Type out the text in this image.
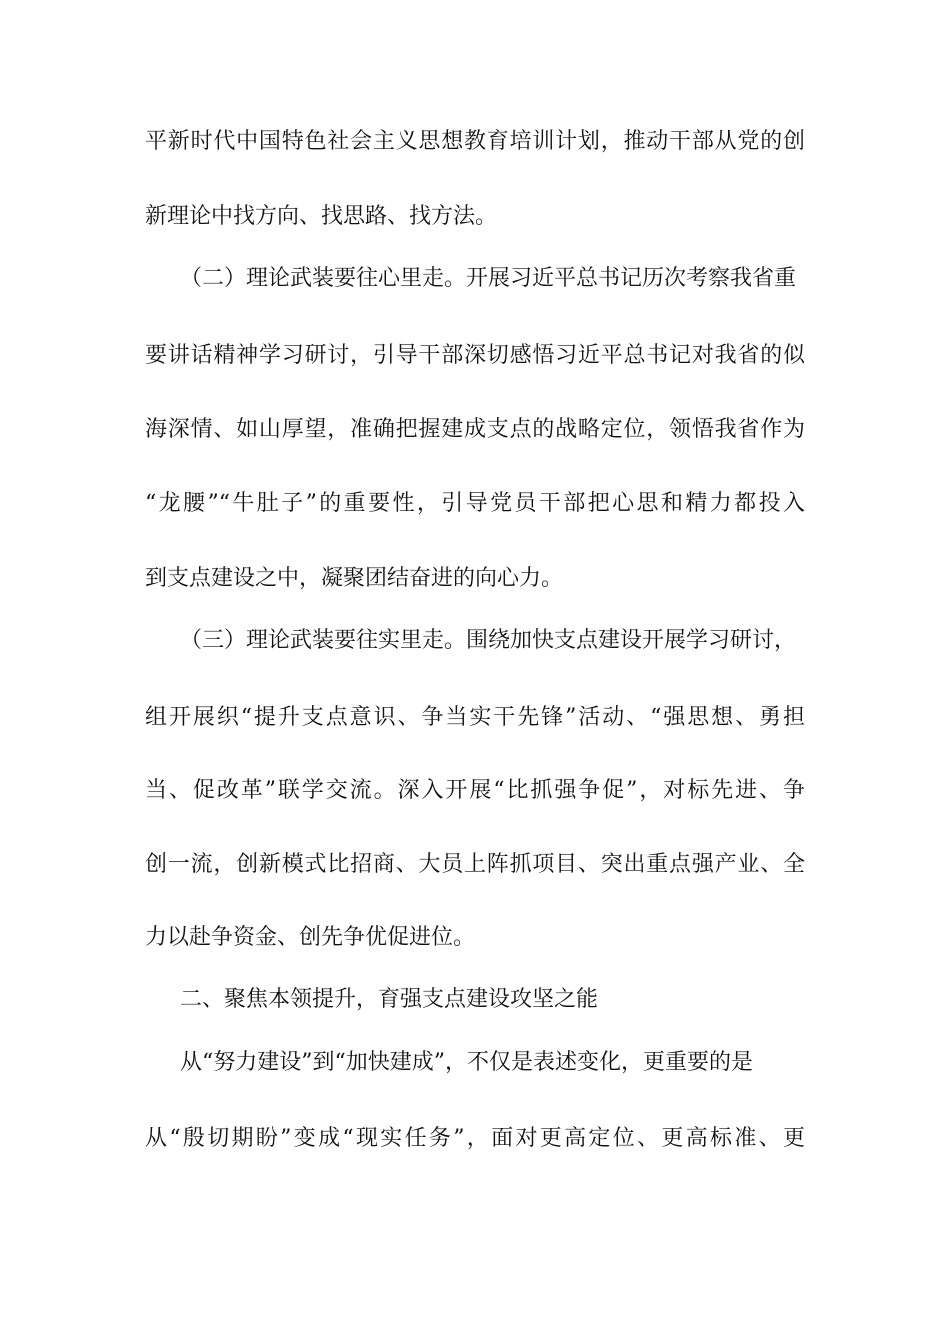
平新时代中国特色社会主义思想教育培训计划，推动干部从党的创
新理论中找方向、找思路、找方法。
（二）理论武装要往心里走。开展习近平总书记历次考察我省重
要讲话精神学习研讨，引导干部深切感悟习近平总书记对我省的似
海深情、如山厚望，准确把握建成支点的战略定位，领悟我省作为
“龙腰”“牛肚子”的重要性，引导党员干部把心思和精力都投入
到支点建设之中，凝聚团结奋进的向心力。
（三）理论武装要往实里走。围绕加快支点建设开展学习研讨，
组开展织“提升支点意识、争当实干先锋”活动、“强思想、勇担
当、促改革”联学交流。深入开展“比抓强争促”，对标先进、争
创一流，创新模式比招商、大员上阵抓项目、突出重点强产业、全
力以赴争资金、创先争优促进位。
二、聚焦本领提升，育强支点建设攻坚之能
从“努力建设”到“加快建成”，不仅是表述变化，更重要的是
从“殷切期盼”变成“现实任务”，面对更高定位、更高标准、更
